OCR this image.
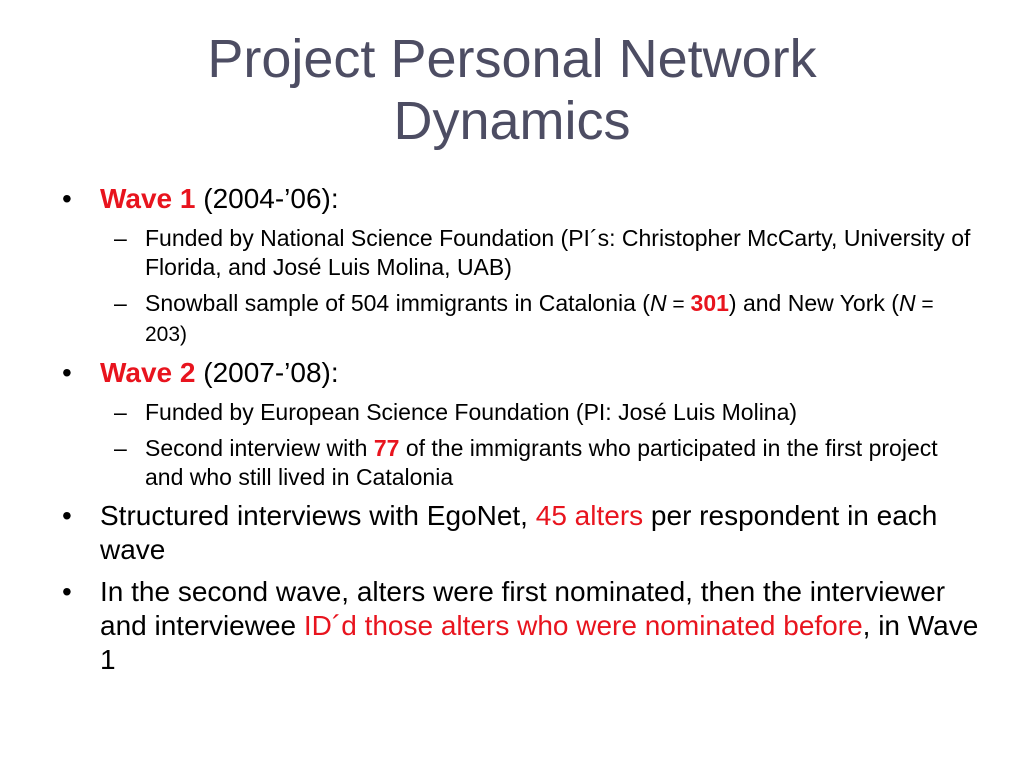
Project Personal Network
Dynamics
• Wave 1 (2004-’06):
– Funded by National Science Foundation (PI´s: Christopher McCarty, University of Florida, and José Luis Molina, UAB)
– Snowball sample of 504 immigrants in Catalonia (N = 301) and New York (N = 203)
• Wave 2 (2007-’08):
– Funded by European Science Foundation (PI: José Luis Molina)
– Second interview with 77 of the immigrants who participated in the first project and who still lived in Catalonia
• Structured interviews with EgoNet, 45 alters per respondent in each wave
• In the second wave, alters were first nominated, then the interviewer and interviewee ID´d those alters who were nominated before, in Wave 1
